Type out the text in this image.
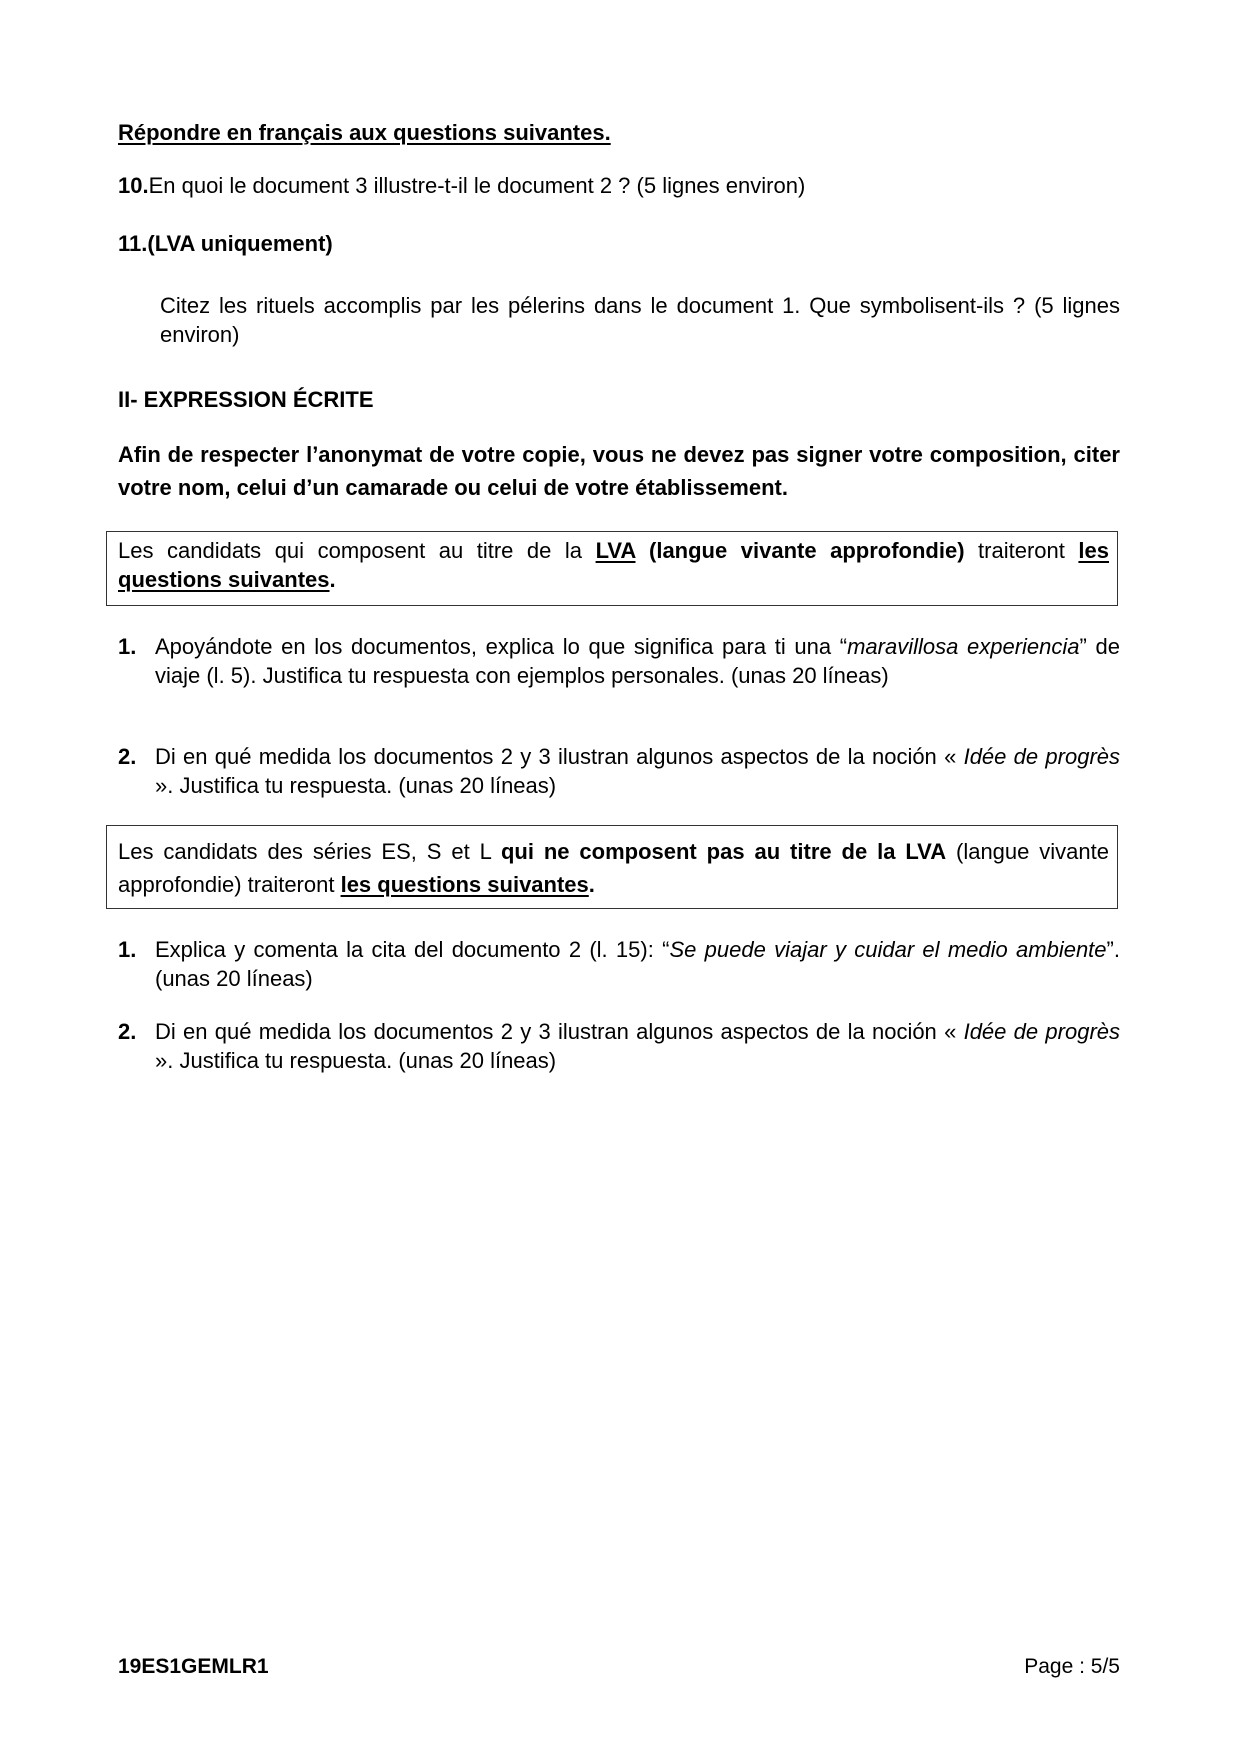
Répondre en français aux questions suivantes.
10.En quoi le document 3 illustre-t-il le document 2 ? (5 lignes environ)
11.(LVA uniquement)
Citez les rituels accomplis par les pélerins dans le document 1. Que symbolisent-ils ? (5 lignes environ)
II- EXPRESSION ÉCRITE
Afin de respecter l’anonymat de votre copie, vous ne devez pas signer votre composition, citer votre nom, celui d’un camarade ou celui de votre établissement.

Les candidats qui composent au titre de la LVA (langue vivante approfondie) traiteront les questions suivantes.

1. Apoyándote en los documentos, explica lo que significa para ti una “maravillosa experiencia” de viaje (l. 5). Justifica tu respuesta con ejemplos personales. (unas 20 líneas)
2. Di en qué medida los documentos 2 y 3 ilustran algunos aspectos de la noción « Idée de progrès ». Justifica tu respuesta. (unas 20 líneas)

Les candidats des séries ES, S et L qui ne composent pas au titre de la LVA (langue vivante approfondie) traiteront les questions suivantes.

1. Explica y comenta la cita del documento 2 (l. 15): “Se puede viajar y cuidar el medio ambiente”. (unas 20 líneas)
2. Di en qué medida los documentos 2 y 3 ilustran algunos aspectos de la noción « Idée de progrès ». Justifica tu respuesta. (unas 20 líneas)
19ES1GEMLR1	Page : 5/5
